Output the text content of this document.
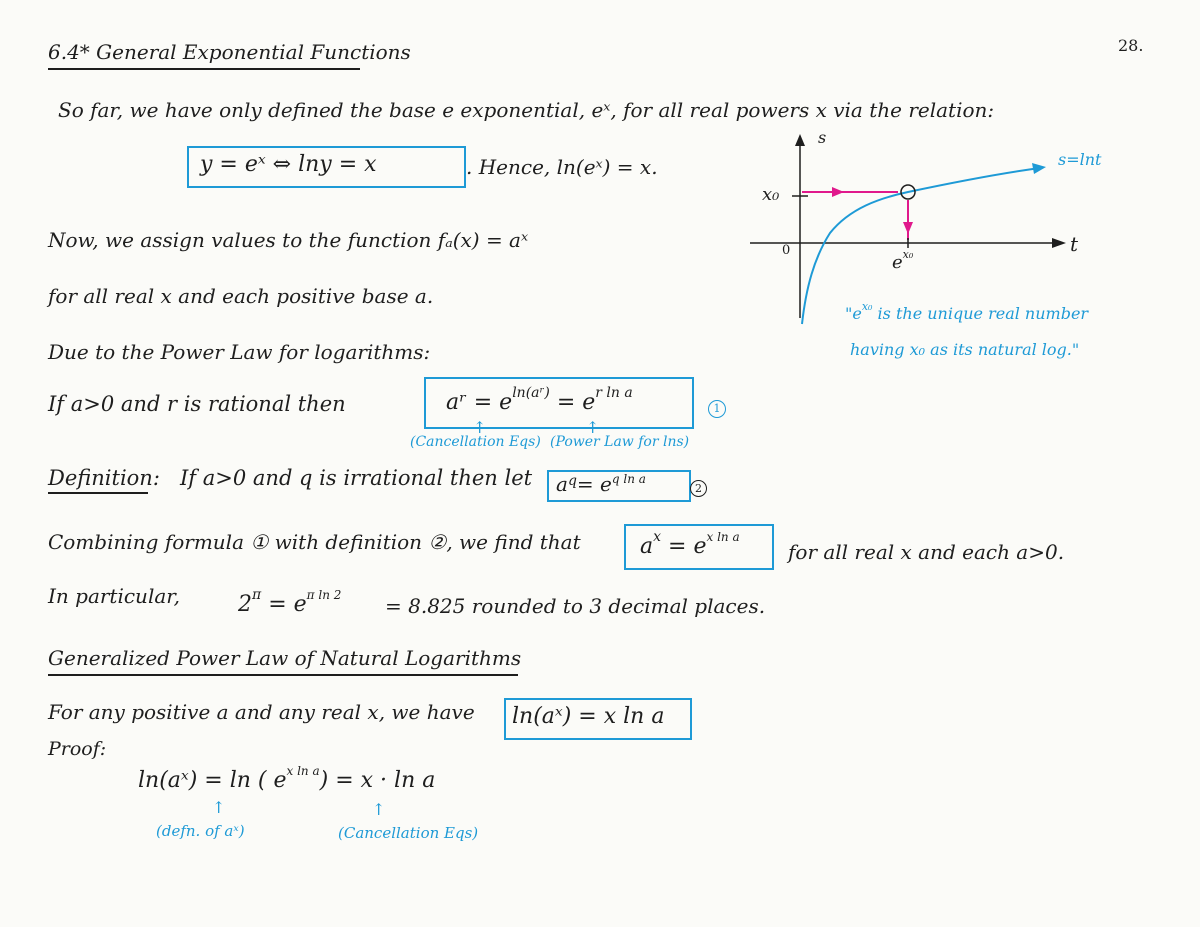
28.
6.4* General Exponential Functions
So far, we have only defined the base e exponential, eˣ, for all real powers x via the relation:
y = eˣ ⇔ lny = x	. Hence, ln(eˣ) = x.
s
t
0
x₀
$e^{x_0}$
s=lnt
"$e^{x_0}$ is the unique real number
having x₀ as its natural log."
Now, we assign values to the function fₐ(x) = aˣ
for all real x and each positive base a.
Due to the Power Law for logarithms:
If a>0 and r is rational then	aʳ = $e^{ln(aʳ)} = e^{r ln a}$
1
↑	↑
(Cancellation Eqs) (Power Law for lns)
Definition: If a>0 and q is irrational then let $a^q= e^{q ln a}$
2
Combining formula ① with definition ②, we find that	$a^x = e^{x ln a}$
for all real x and each a>0.
In particular,	$2^\pi = e^{\pi ln 2} = 8.825$ rounded to 3 decimal places.
Generalized Power Law of Natural Logarithms
For any positive a and any real x, we have ln(aˣ) = x ln a
Proof:
ln(aˣ) = ln ( $e^{x ln a}) = x \cdot \ln a$
↑	↑
(defn. of aˣ)	(Cancellation Eqs)
